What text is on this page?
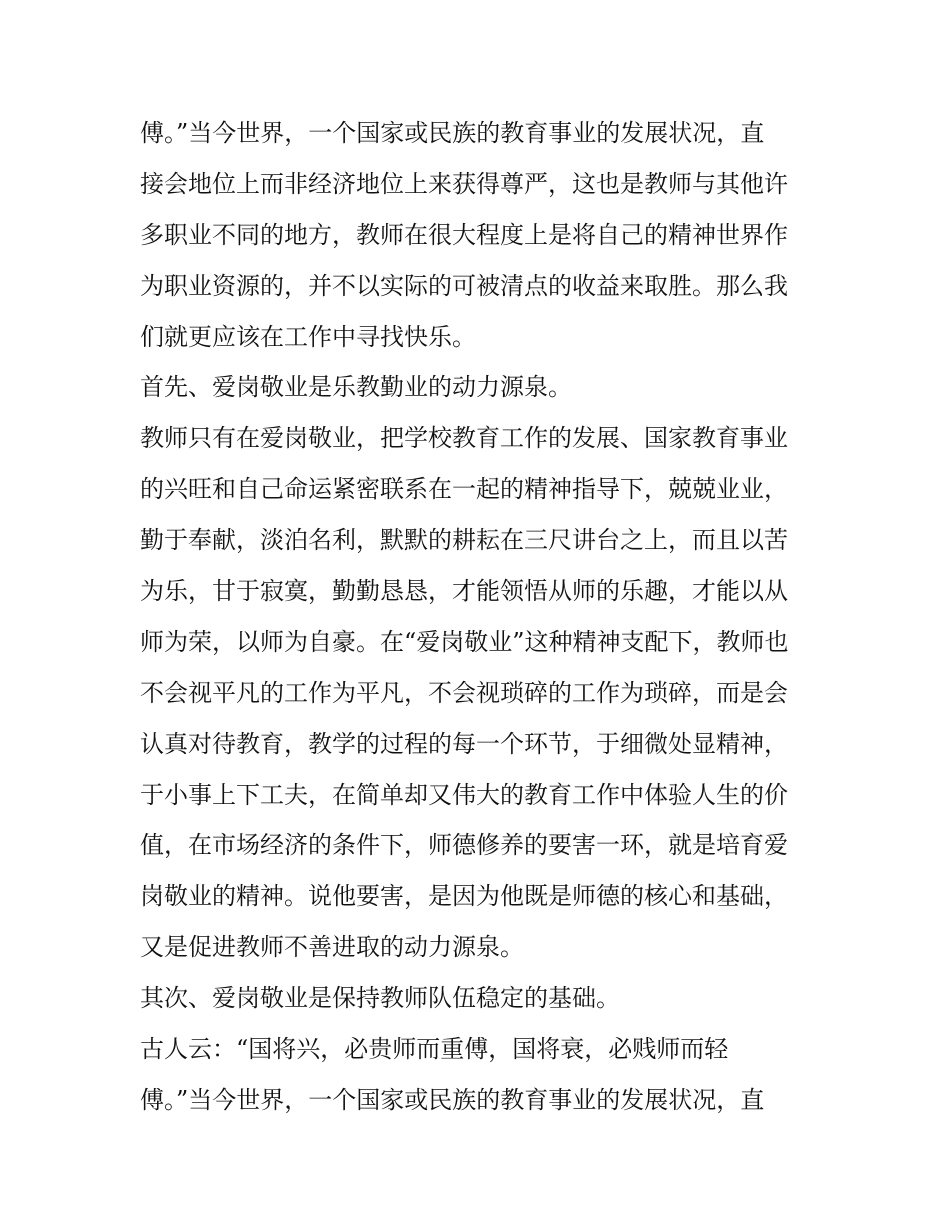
傅。”当今世界，一个国家或民族的教育事业的发展状况，直
接会地位上而非经济地位上来获得尊严，这也是教师与其他许
多职业不同的地方，教师在很大程度上是将自己的精神世界作
为职业资源的，并不以实际的可被清点的收益来取胜。那么我
们就更应该在工作中寻找快乐。
首先、爱岗敬业是乐教勤业的动力源泉。
教师只有在爱岗敬业，把学校教育工作的发展、国家教育事业
的兴旺和自己命运紧密联系在一起的精神指导下，兢兢业业，
勤于奉献，淡泊名利，默默的耕耘在三尺讲台之上，而且以苦
为乐，甘于寂寞，勤勤恳恳，才能领悟从师的乐趣，才能以从
师为荣，以师为自豪。在“爱岗敬业”这种精神支配下，教师也
不会视平凡的工作为平凡，不会视琐碎的工作为琐碎，而是会
认真对待教育，教学的过程的每一个环节，于细微处显精神，
于小事上下工夫，在简单却又伟大的教育工作中体验人生的价
值，在市场经济的条件下，师德修养的要害一环，就是培育爱
岗敬业的精神。说他要害，是因为他既是师德的核心和基础，
又是促进教师不善进取的动力源泉。
其次、爱岗敬业是保持教师队伍稳定的基础。
古人云：“国将兴，必贵师而重傅，国将衰，必贱师而轻
傅。”当今世界，一个国家或民族的教育事业的发展状况，直
